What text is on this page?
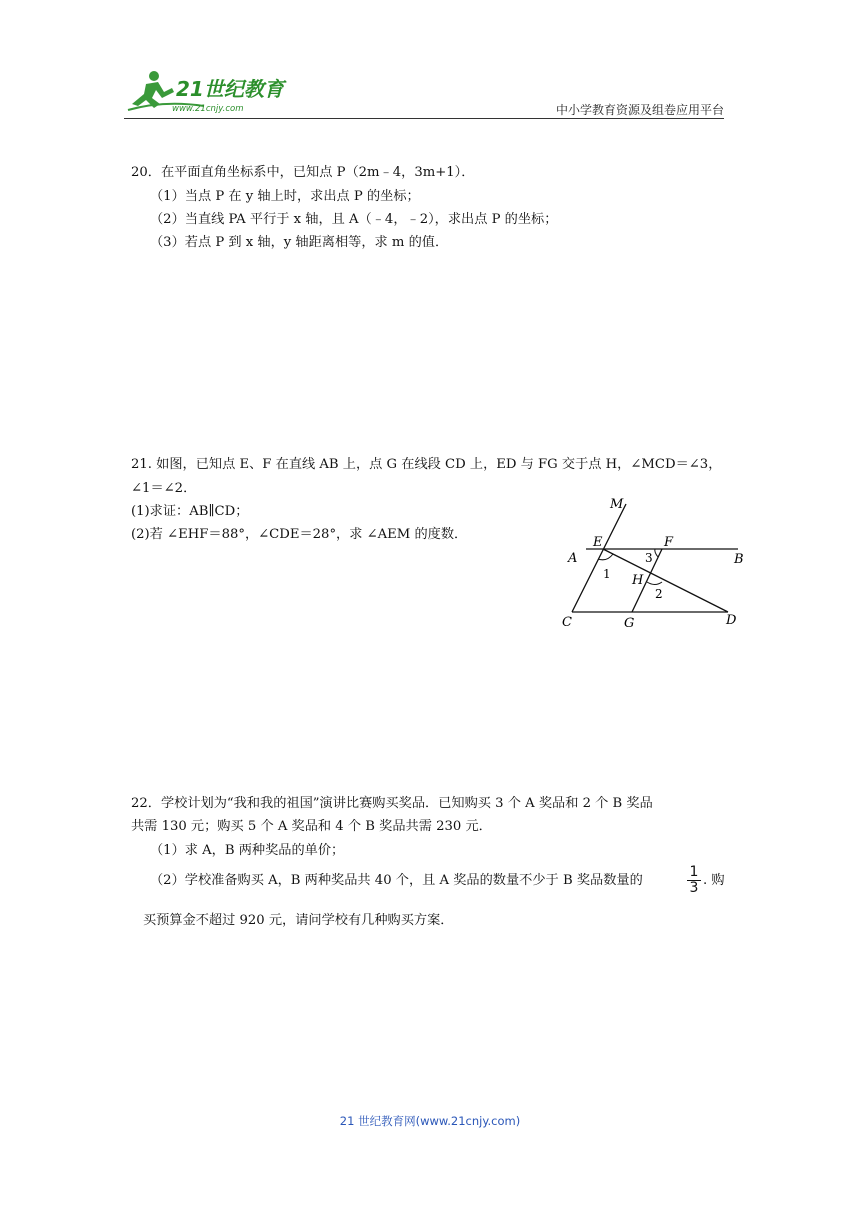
21世纪教育
www.21cnjy.com	中小学教育资源及组卷应用平台
20．在平面直角坐标系中，已知点 P（2m﹣4，3m+1）．
（1）当点 P 在 y 轴上时，求出点 P 的坐标；
（2）当直线 PA 平行于 x 轴，且 A（﹣4，﹣2），求出点 P 的坐标；
（3）若点 P 到 x 轴，y 轴距离相等，求 m 的值．
21. 如图，已知点 E、F 在直线 AB 上，点 G 在线段 CD 上，ED 与 FG 交于点 H，∠MCD＝∠3，
∠1＝∠2．
(1)求证：AB∥CD；
(2)若 ∠EHF＝88°，∠CDE＝28°，求 ∠AEM 的度数．
M
E	F
A	B
H
C	G	D
1
3
2
22．学校计划为“我和我的祖国”演讲比赛购买奖品．已知购买 3 个 A 奖品和 2 个 B 奖品
共需 130 元；购买 5 个 A 奖品和 4 个 B 奖品共需 230 元．
（1）求 A，B 两种奖品的单价；
（2）学校准备购买 A，B 两种奖品共 40 个，且 A 奖品的数量不少于 B 奖品数量的
1
3 . 购
买预算金不超过 920 元，请问学校有几种购买方案．
21 世纪教育网(www.21cnjy.com)
